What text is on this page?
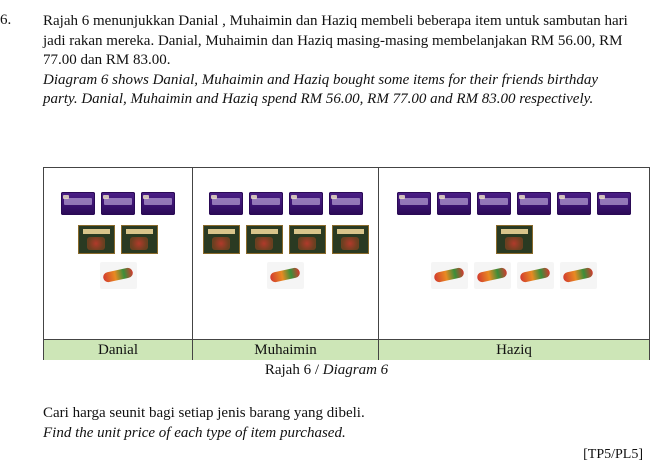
6. Rajah 6 menunjukkan Danial , Muhaimin dan Haziq membeli beberapa item untuk sambutan hari jadi rakan mereka. Danial, Muhaimin dan Haziq masing-masing membelanjakan RM 56.00, RM 77.00 dan RM 83.00.
Diagram 6 shows Danial, Muhaimin and Haziq bought some items for their friends birthday party. Danial, Muhaimin and Haziq spend RM 56.00, RM 77.00 and RM 83.00 respectively.
Danial	Muhaimin	Haziq
Rajah 6 / Diagram 6
Cari harga seunit bagi setiap jenis barang yang dibeli.
Find the unit price of each type of item purchased.
[TP5/PL5]
